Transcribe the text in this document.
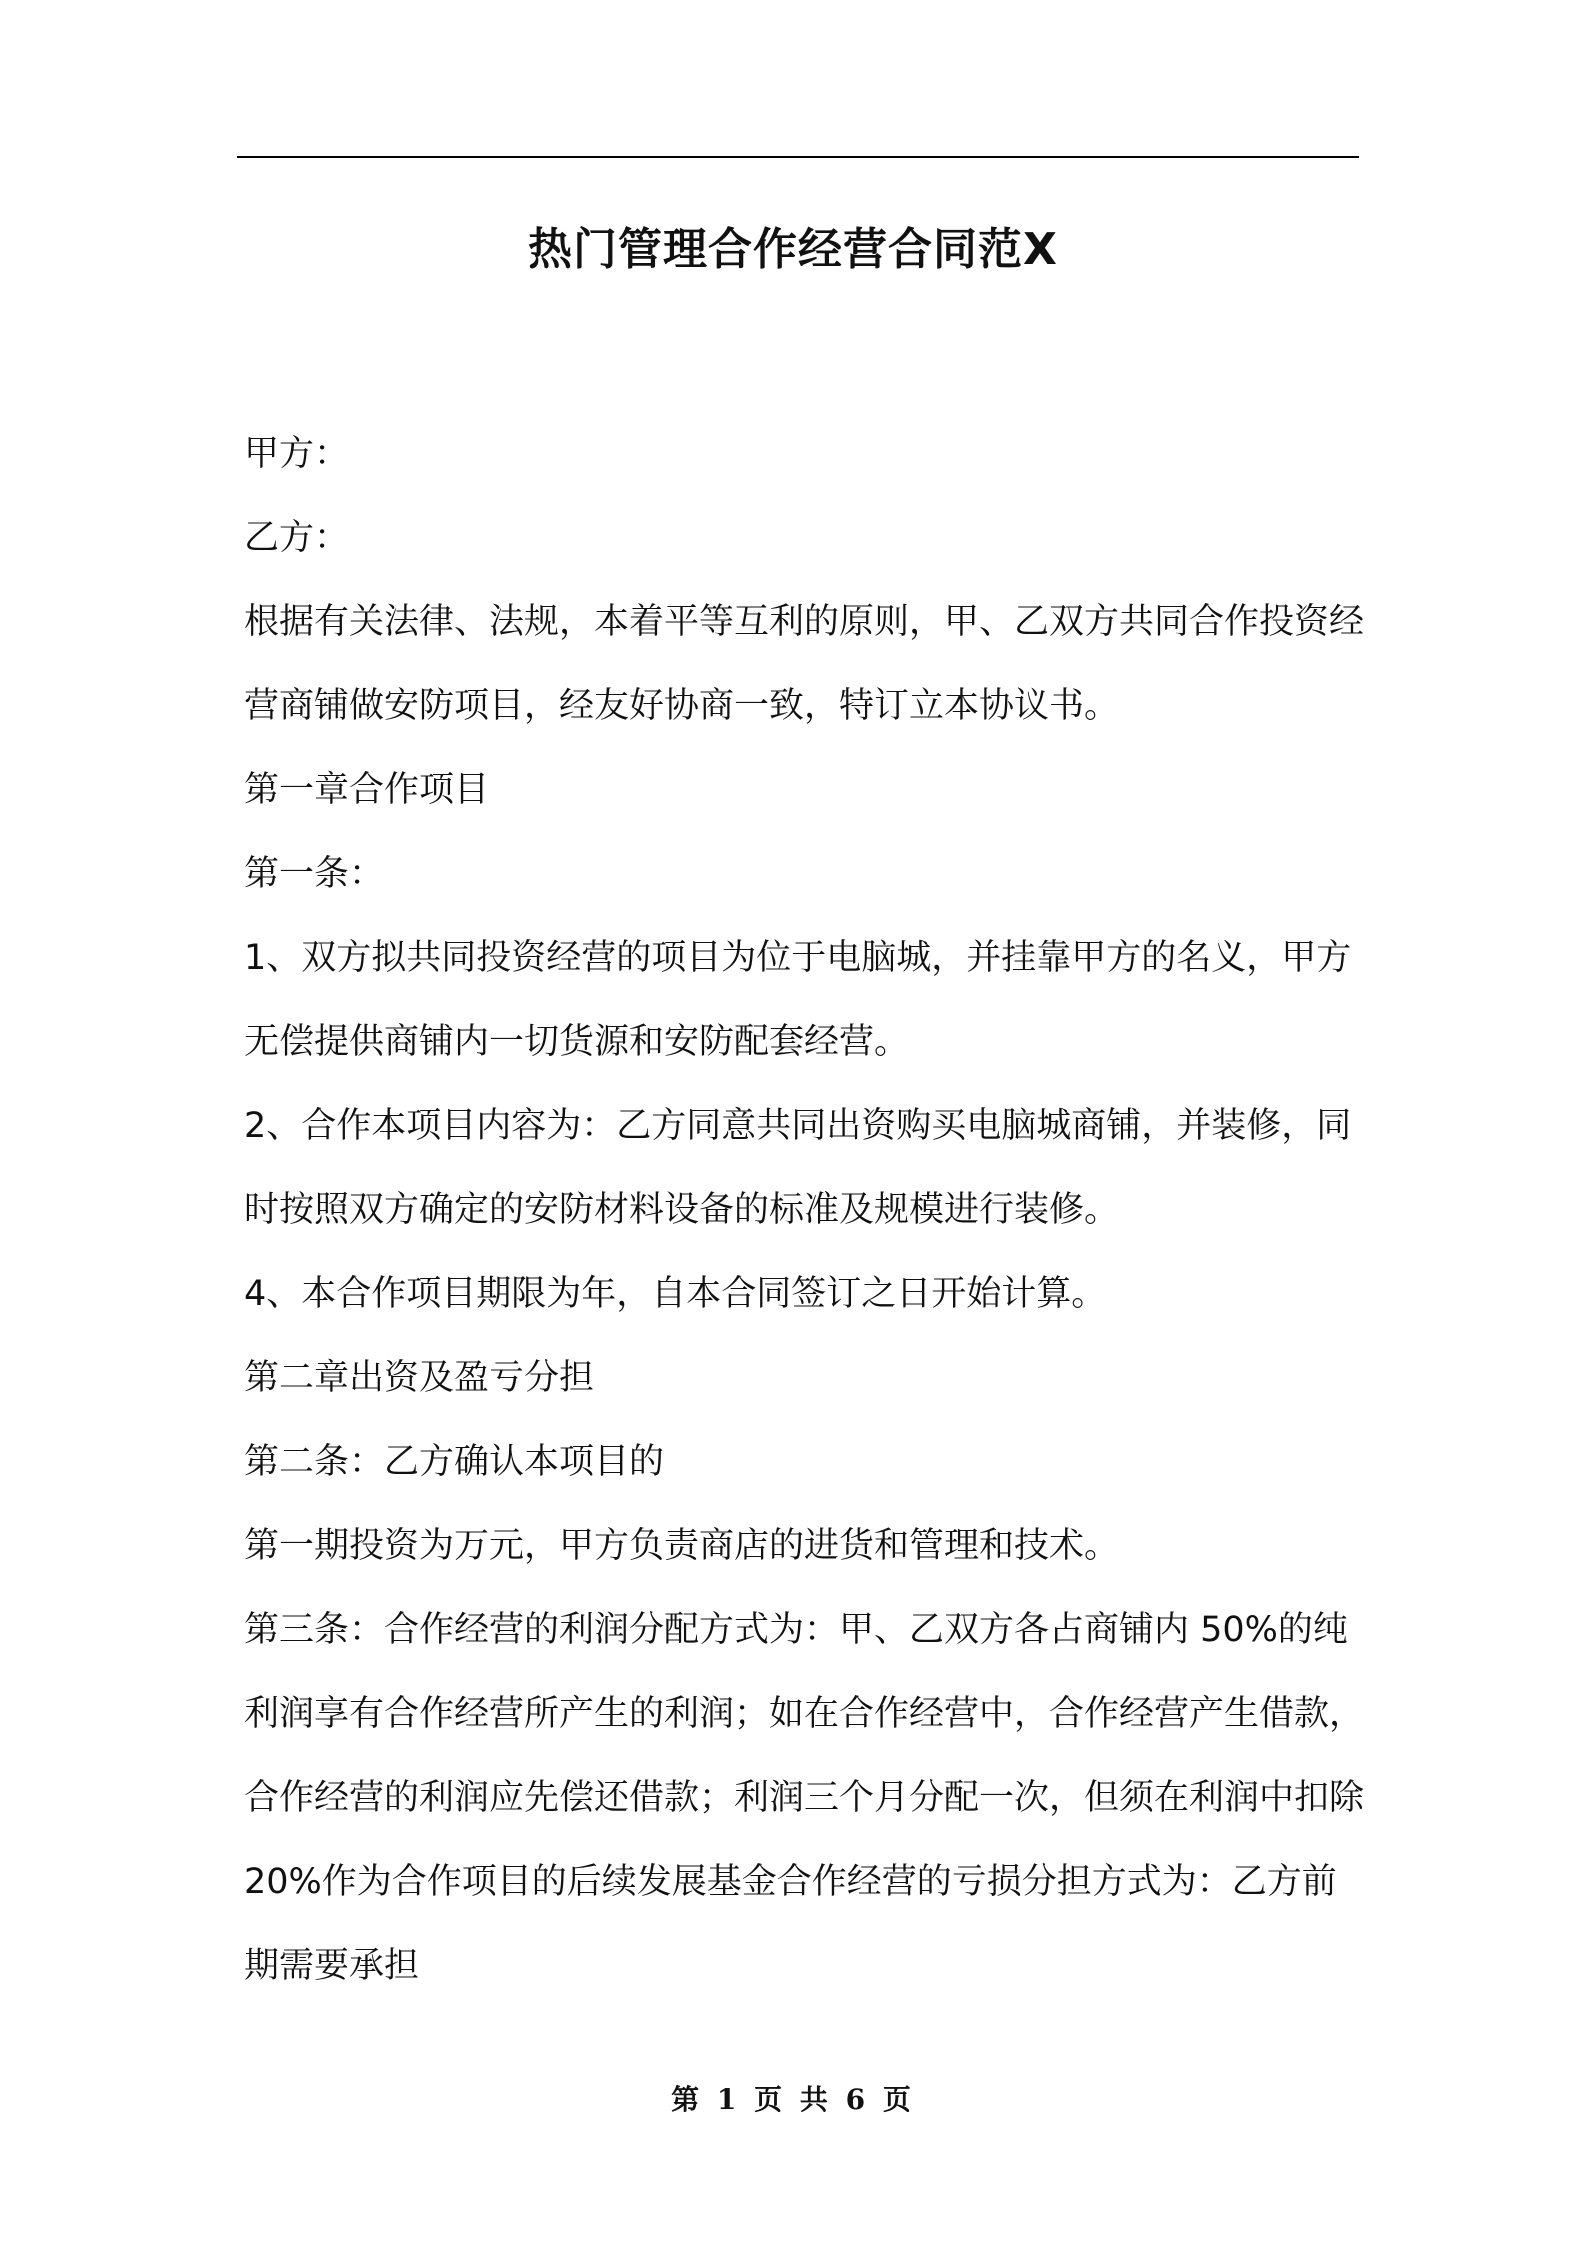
热门管理合作经营合同范X

甲方：

乙方：

根据有关法律、法规，本着平等互利的原则，甲、乙双方共同合作投资经营商铺做安防项目，经友好协商一致，特订立本协议书。

第一章合作项目

第一条：

1、双方拟共同投资经营的项目为位于电脑城，并挂靠甲方的名义，甲方无偿提供商铺内一切货源和安防配套经营。

2、合作本项目内容为：乙方同意共同出资购买电脑城商铺，并装修，同时按照双方确定的安防材料设备的标准及规模进行装修。

4、本合作项目期限为年，自本合同签订之日开始计算。

第二章出资及盈亏分担

第二条：乙方确认本项目的

第一期投资为万元，甲方负责商店的进货和管理和技术。

第三条：合作经营的利润分配方式为：甲、乙双方各占商铺内 50%的纯利润享有合作经营所产生的利润；如在合作经营中，合作经营产生借款，合作经营的利润应先偿还借款；利润三个月分配一次，但须在利润中扣除 20%作为合作项目的后续发展基金合作经营的亏损分担方式为：乙方前期需要承担

第 1 页 共 6 页
